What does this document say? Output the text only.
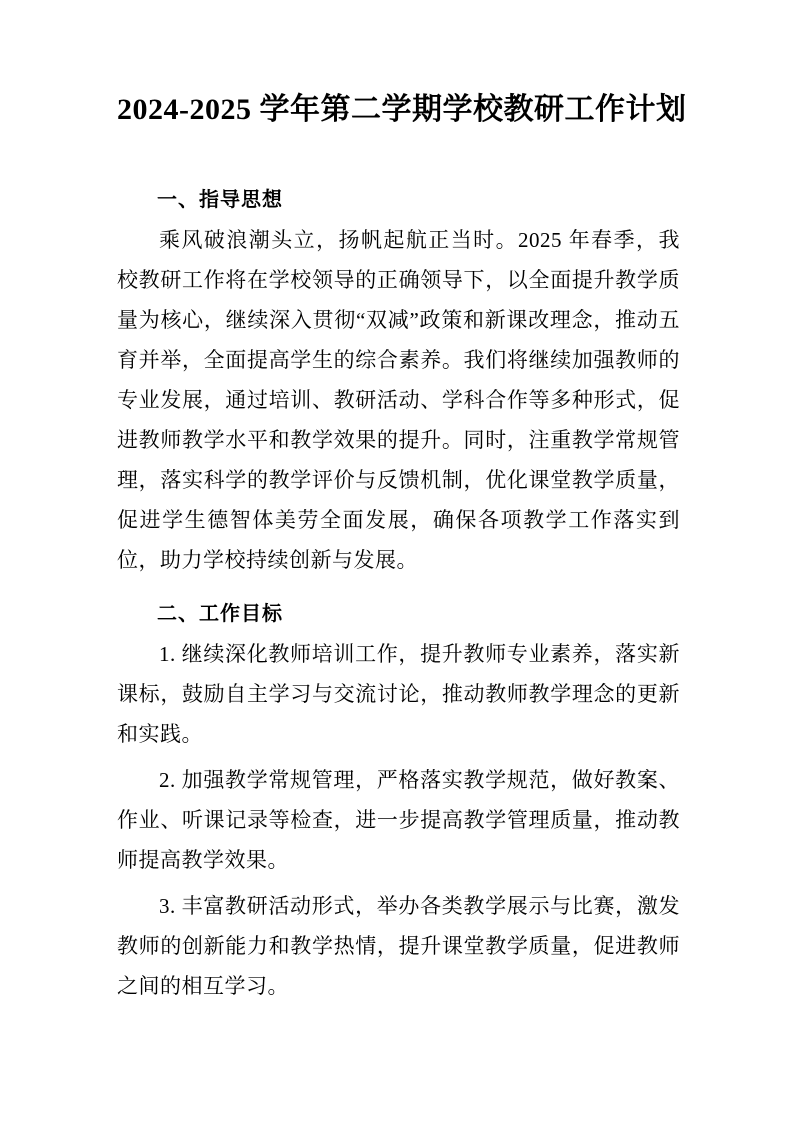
2024-2025 学年第二学期学校教研工作计划
一、指导思想

乘风破浪潮头立，扬帆起航正当时。2025 年春季，我校教研工作将在学校领导的正确领导下，以全面提升教学质量为核心，继续深入贯彻“双减”政策和新课改理念，推动五育并举，全面提高学生的综合素养。我们将继续加强教师的专业发展，通过培训、教研活动、学科合作等多种形式，促进教师教学水平和教学效果的提升。同时，注重教学常规管理，落实科学的教学评价与反馈机制，优化课堂教学质量，促进学生德智体美劳全面发展，确保各项教学工作落实到位，助力学校持续创新与发展。

二、工作目标

1. 继续深化教师培训工作，提升教师专业素养，落实新课标，鼓励自主学习与交流讨论，推动教师教学理念的更新和实践。

2. 加强教学常规管理，严格落实教学规范，做好教案、作业、听课记录等检查，进一步提高教学管理质量，推动教师提高教学效果。

3. 丰富教研活动形式，举办各类教学展示与比赛，激发教师的创新能力和教学热情，提升课堂教学质量，促进教师之间的相互学习。
